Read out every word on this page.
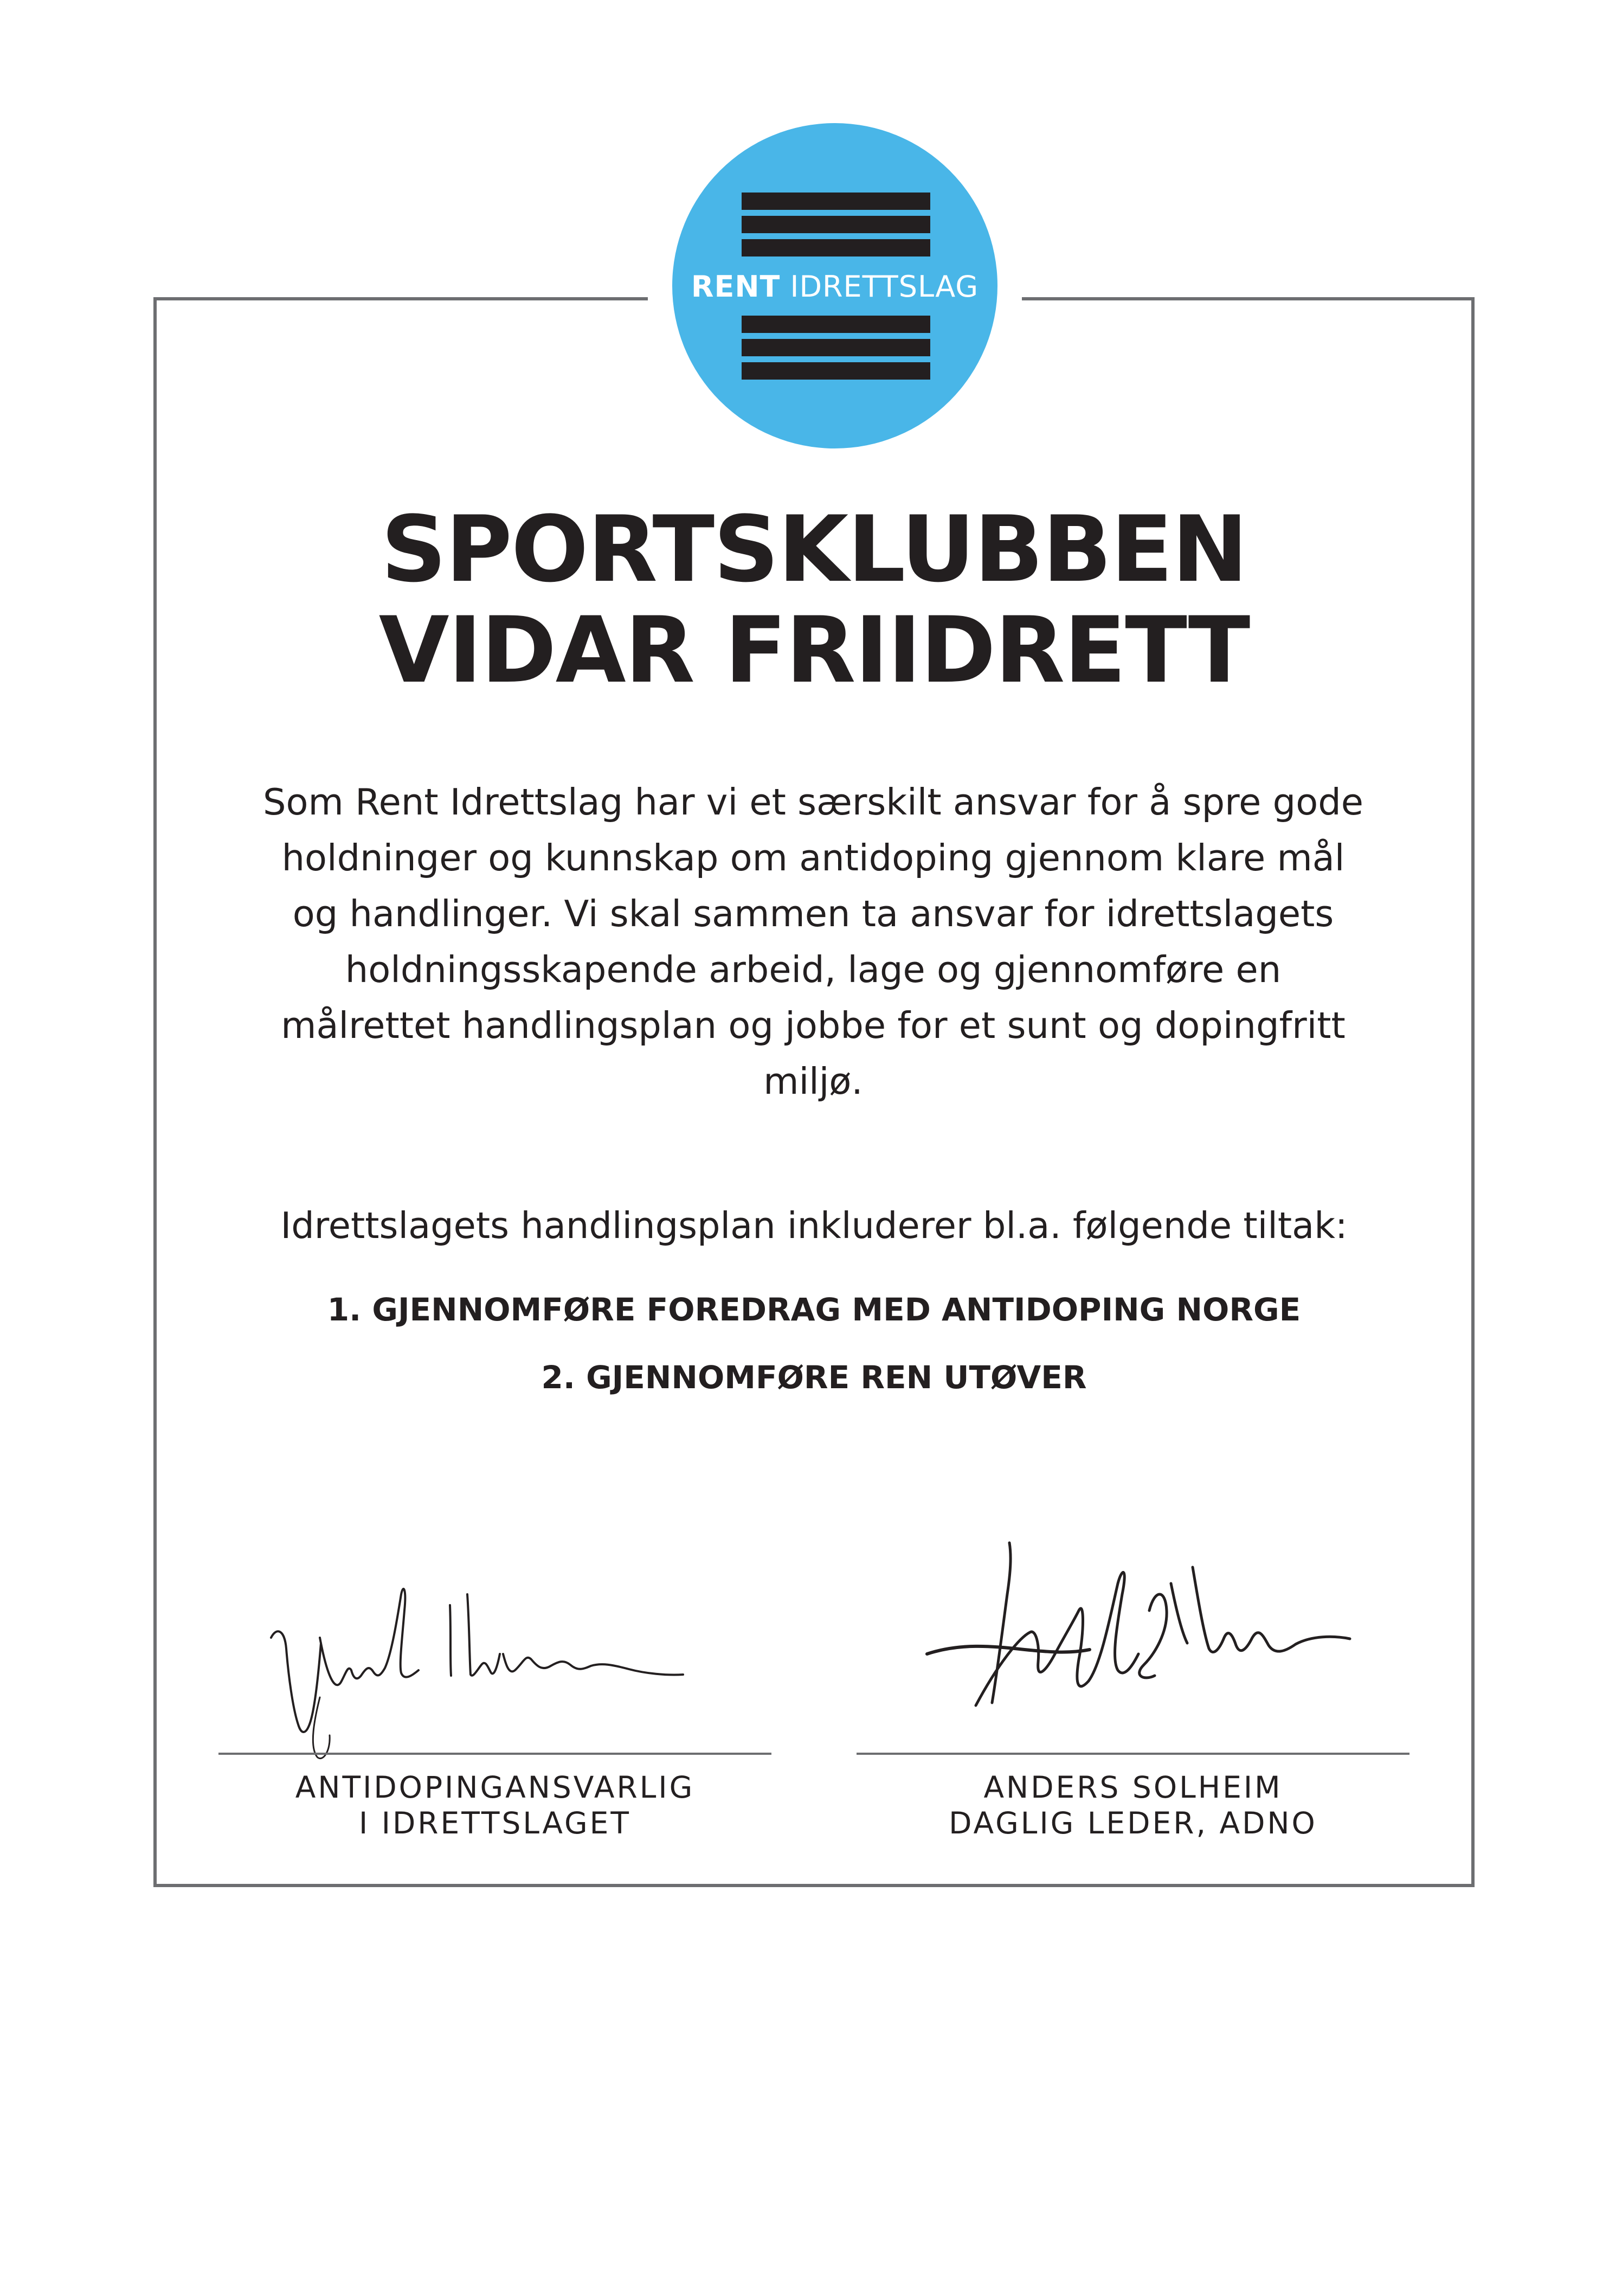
RENT IDRETTSLAG
SPORTSKLUBBEN
VIDAR FRIIDRETT
Som Rent Idrettslag har vi et særskilt ansvar for å spre gode
holdninger og kunnskap om antidoping gjennom klare mål
og handlinger. Vi skal sammen ta ansvar for idrettslagets
holdningsskapende arbeid, lage og gjennomføre en
målrettet handlingsplan og jobbe for et sunt og dopingfritt
miljø.
Idrettslagets handlingsplan inkluderer bl.a. følgende tiltak:
1. GJENNOMFØRE FOREDRAG MED ANTIDOPING NORGE
2. GJENNOMFØRE REN UTØVER
ANTIDOPINGANSVARLIG
I IDRETTSLAGET
ANDERS SOLHEIM
DAGLIG LEDER, ADNO
